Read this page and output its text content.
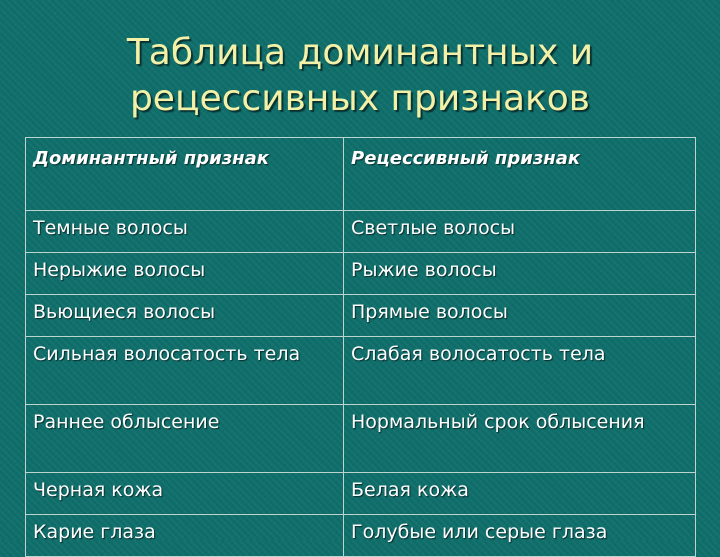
Таблица доминантных и
рецессивных признаков
Доминантный признак	Рецессивный признак
Темные волосы	Светлые волосы
Нерыжие волосы	Рыжие волосы
Вьющиеся волосы	Прямые волосы
Сильная волосатость тела	Слабая волосатость тела
Раннее облысение	Нормальный срок облысения
Черная кожа	Белая кожа
Карие глаза	Голубые или серые глаза
